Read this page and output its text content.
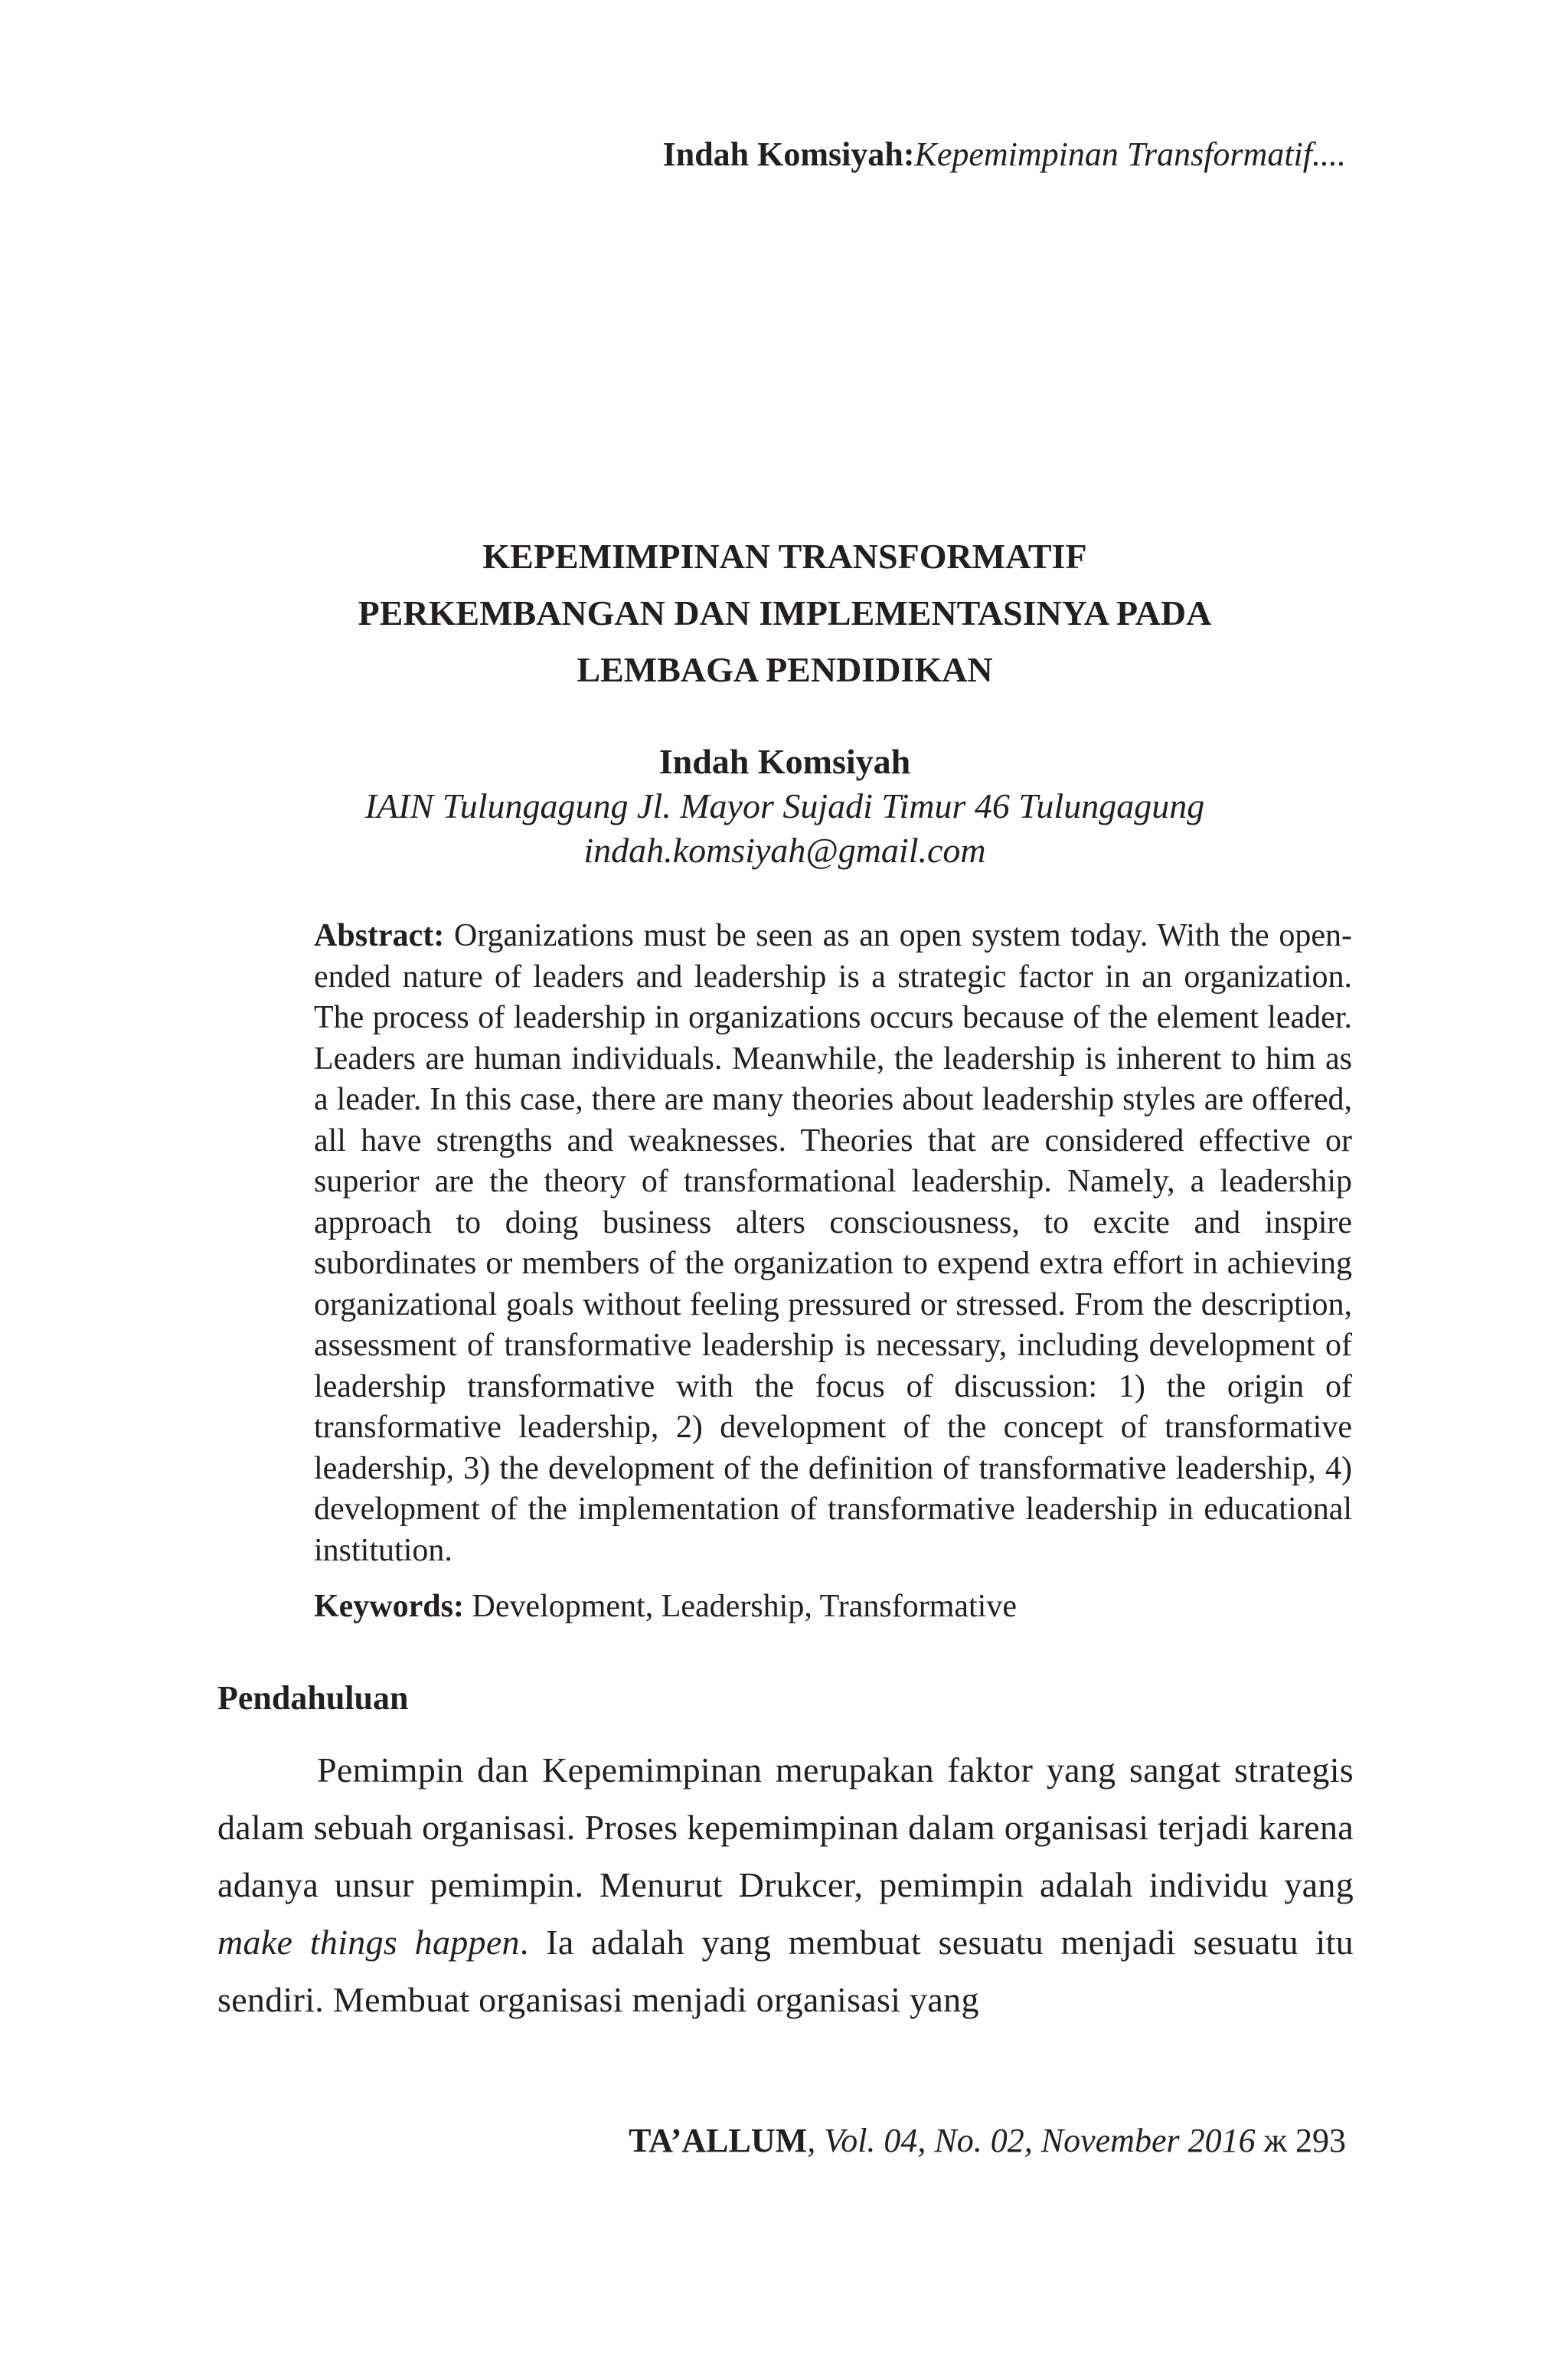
Indah Komsiyah:Kepemimpinan Transformatif....
KEPEMIMPINAN TRANSFORMATIF
PERKEMBANGAN DAN IMPLEMENTASINYA PADA
LEMBAGA PENDIDIKAN
Indah Komsiyah
IAIN Tulungagung Jl. Mayor Sujadi Timur 46 Tulungagung
indah.komsiyah@gmail.com
Abstract: Organizations must be seen as an open system today. With the open-ended nature of leaders and leadership is a strategic factor in an organization. The process of leadership in organizations occurs because of the element leader. Leaders are human individuals. Meanwhile, the leadership is inherent to him as a leader. In this case, there are many theories about leadership styles are offered, all have strengths and weaknesses. Theories that are considered effective or superior are the theory of transformational leadership. Namely, a leadership approach to doing business alters consciousness, to excite and inspire subordinates or members of the organization to expend extra effort in achieving organizational goals without feeling pressured or stressed. From the description, assessment of transformative leadership is necessary, including development of leadership transformative with the focus of discussion: 1) the origin of transformative leadership, 2) development of the concept of transformative leadership, 3) the development of the definition of transformative leadership, 4) development of the implementation of transformative leadership in educational institution.
Keywords: Development, Leadership, Transformative
Pendahuluan
Pemimpin dan Kepemimpinan merupakan faktor yang sangat strategis dalam sebuah organisasi. Proses kepemimpinan dalam organisasi terjadi karena adanya unsur pemimpin. Menurut Drukcer, pemimpin adalah individu yang make things happen. Ia adalah yang membuat sesuatu menjadi sesuatu itu sendiri. Membuat organisasi menjadi organisasi yang
TA’ALLUM, Vol. 04, No. 02, November 2016 ж 293
